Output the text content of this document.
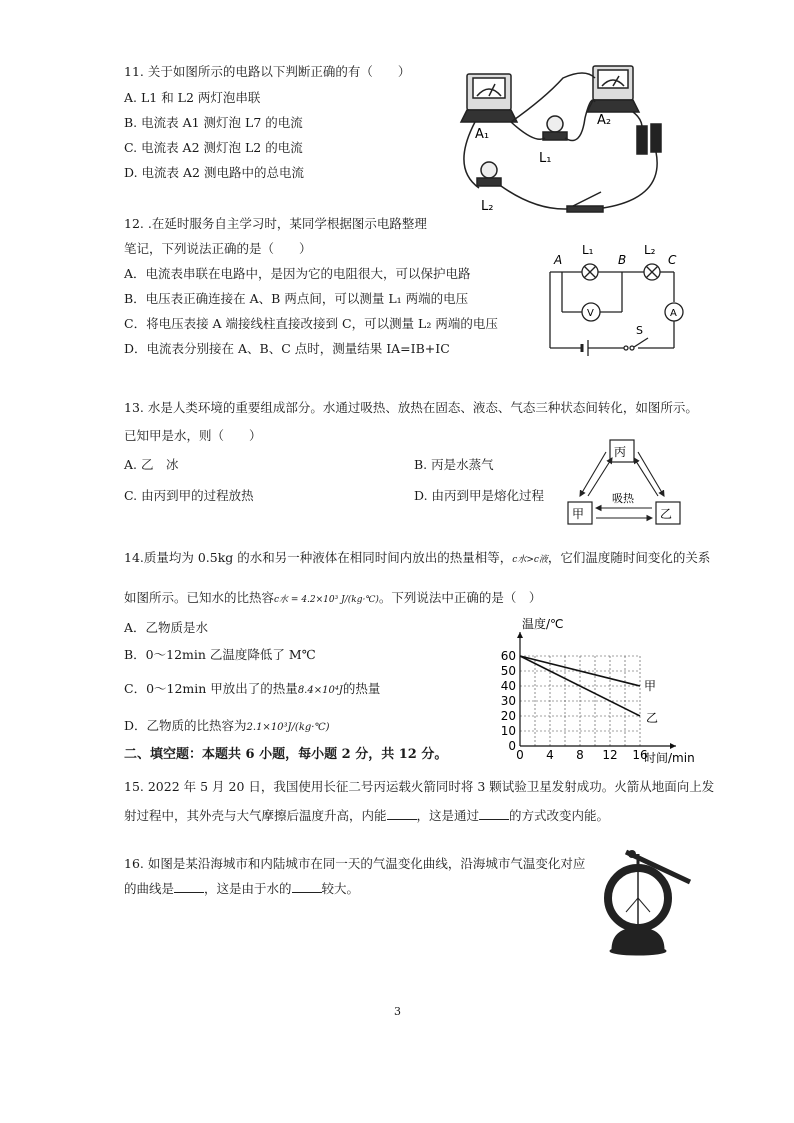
11. 关于如图所示的电路以下判断正确的有（　　）
A. L1 和 L2 两灯泡串联
B. 电流表 A1 测灯泡 L7 的电流
C. 电流表 A2 测灯泡 L2 的电流
D. 电流表 A2 测电路中的总电流
A₁
A₂
L₁
L₂
12. .在延时服务自主学习时，某同学根据图示电路整理
笔记，下列说法正确的是（　　）
A．电流表串联在电路中，是因为它的电阻很大，可以保护电路
B．电压表正确连接在 A、B 两点间，可以测量 L₁ 两端的电压
C．将电压表接 A 端接线柱直接改接到 C，可以测量 L₂ 两端的电压
D．电流表分别接在 A、B、C 点时，测量结果 IA=IB+IC
A	B	C
L₁	L₂
V	A
S
13. 水是人类环境的重要组成部分。水通过吸热、放热在固态、液态、气态三种状态间转化，如图所示。
已知甲是水，则（　　）
A. 乙　冰	B. 丙是水蒸气
C. 由丙到甲的过程放热	D. 由丙到甲是熔化过程
丙
甲	乙
吸热
14.质量均为 0.5kg 的水和另一种液体在相同时间内放出的热量相等，c水>c液，它们温度随时间变化的关系
如图所示。已知水的比热容c水 = 4.2×10³ J/(kg·℃)。下列说法中正确的是（　）
A．乙物质是水
B．0～12min 乙温度降低了 M℃
C．0～12min 甲放出了的热量8.4×10⁴J的热量
D．乙物质的比热容为2.1×10³J/(kg·℃)
0 4 8 12 16
0
10
20
30
40
50
60
甲
乙
温度/℃
时间/min
二、填空题：本题共 6 小题，每小题 2 分，共 12 分。
15. 2022 年 5 月 20 日，我国使用长征二号丙运载火箭同时将 3 颗试验卫星发射成功。火箭从地面向上发
射过程中，其外壳与大气摩擦后温度升高，内能 ，这是通过 的方式改变内能。
16. 如图是某沿海城市和内陆城市在同一天的气温变化曲线，沿海城市气温变化对应
的曲线是 ，这是由于水的 较大。
3
